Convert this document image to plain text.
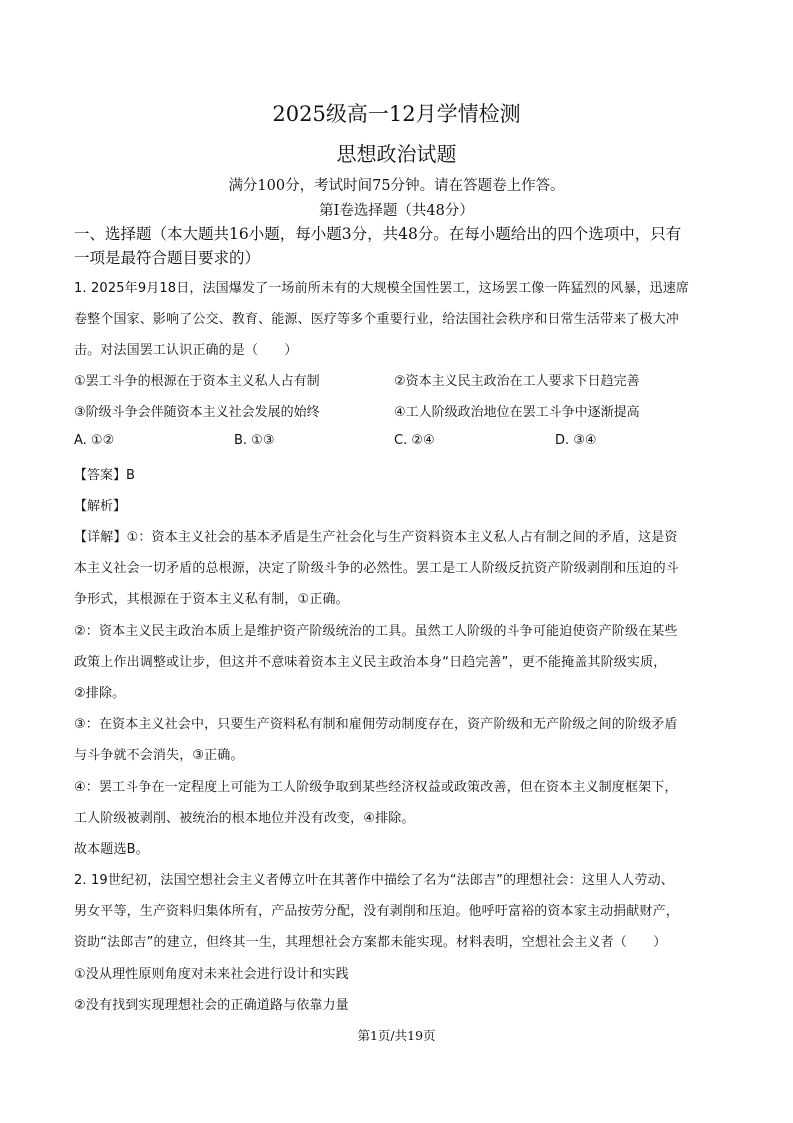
2025级高一12月学情检测
思想政治试题
满分100分，考试时间75分钟。请在答题卷上作答。
第Ⅰ卷选择题（共48分）
一、选择题（本大题共16小题，每小题3分，共48分。在每小题给出的四个选项中，只有
一项是最符合题目要求的）
1. 2025年9月18日，法国爆发了一场前所未有的大规模全国性罢工，这场罢工像一阵猛烈的风暴，迅速席
卷整个国家、影响了公交、教育、能源、医疗等多个重要行业，给法国社会秩序和日常生活带来了极大冲
击。对法国罢工认识正确的是（　　）
①罢工斗争的根源在于资本主义私人占有制	②资本主义民主政治在工人要求下日趋完善
③阶级斗争会伴随资本主义社会发展的始终	④工人阶级政治地位在罢工斗争中逐渐提高
A. ①②	B. ①③	C. ②④	D. ③④
【答案】B
【解析】
【详解】①：资本主义社会的基本矛盾是生产社会化与生产资料资本主义私人占有制之间的矛盾，这是资
本主义社会一切矛盾的总根源，决定了阶级斗争的必然性。罢工是工人阶级反抗资产阶级剥削和压迫的斗
争形式，其根源在于资本主义私有制，①正确。
②：资本主义民主政治本质上是维护资产阶级统治的工具。虽然工人阶级的斗争可能迫使资产阶级在某些
政策上作出调整或让步，但这并不意味着资本主义民主政治本身“日趋完善”，更不能掩盖其阶级实质，
②排除。
③：在资本主义社会中，只要生产资料私有制和雇佣劳动制度存在，资产阶级和无产阶级之间的阶级矛盾
与斗争就不会消失，③正确。
④：罢工斗争在一定程度上可能为工人阶级争取到某些经济权益或政策改善，但在资本主义制度框架下，
工人阶级被剥削、被统治的根本地位并没有改变，④排除。
故本题选B。
2. 19世纪初，法国空想社会主义者傅立叶在其著作中描绘了名为“法郎吉”的理想社会：这里人人劳动、
男女平等，生产资料归集体所有，产品按劳分配，没有剥削和压迫。他呼吁富裕的资本家主动捐献财产，
资助“法郎吉”的建立，但终其一生，其理想社会方案都未能实现。材料表明，空想社会主义者（　　）
①没从理性原则角度对未来社会进行设计和实践
②没有找到实现理想社会的正确道路与依靠力量
第1页/共19页
